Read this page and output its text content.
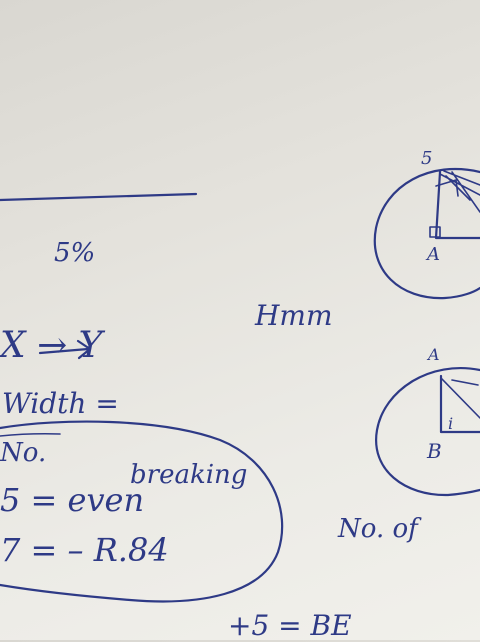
5%
X → Y
Hmm
Width =
No.
breaking
5 = even
7 = – R.84
No. of
+5 = BE
5
A
A
B
i
